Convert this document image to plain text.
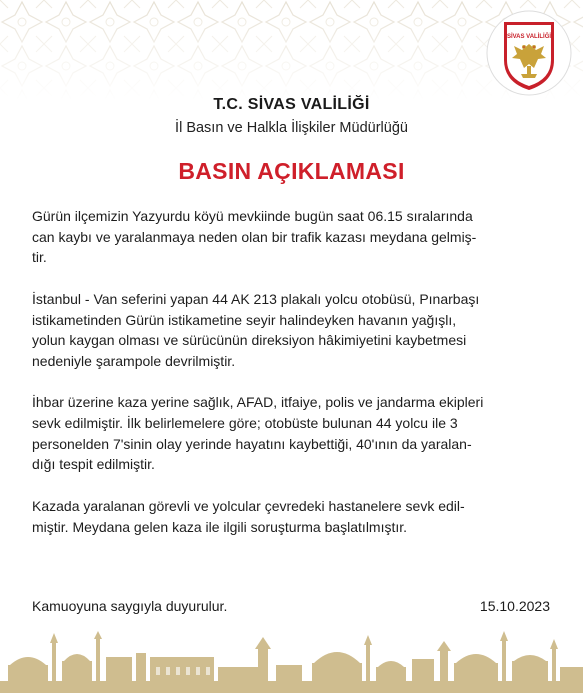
SİVAS VALİLİĞİ
T.C. SİVAS VALİLİĞİ
İl Basın ve Halkla İlişkiler Müdürlüğü
BASIN AÇIKLAMASI

Gürün ilçemizin Yazyurdu köyü mevkiinde bugün saat 06.15 sıralarında
can kaybı ve yaralanmaya neden olan bir trafik kazası meydana gelmiş-
tir.

İstanbul - Van seferini yapan 44 AK 213 plakalı yolcu otobüsü, Pınarbaşı
istikametinden Gürün istikametine seyir halindeyken havanın yağışlı,
yolun kaygan olması ve sürücünün direksiyon hâkimiyetini kaybetmesi
nedeniyle şarampole devrilmiştir.

İhbar üzerine kaza yerine sağlık, AFAD, itfaiye, polis ve jandarma ekipleri
sevk edilmiştir. İlk belirlemelere göre; otobüste bulunan 44 yolcu ile 3
personelden 7'sinin olay yerinde hayatını kaybettiği, 40'ının da yaralan-
dığı tespit edilmiştir.

Kazada yaralanan görevli ve yolcular çevredeki hastanelere sevk edil-
miştir. Meydana gelen kaza ile ilgili soruşturma başlatılmıştır.

Kamuoyuna saygıyla duyurulur.	15.10.2023
